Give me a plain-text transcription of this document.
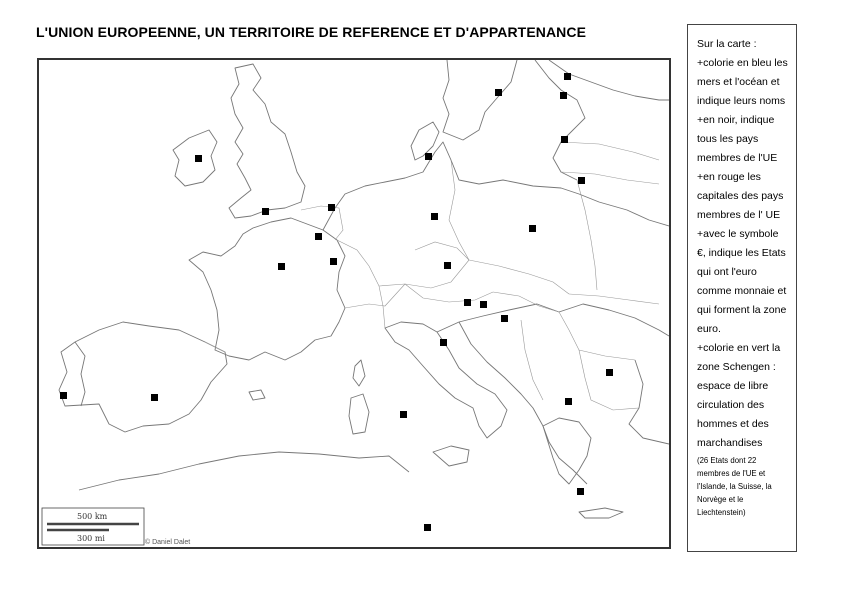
L'UNION EUROPEENNE, UN TERRITOIRE DE REFERENCE ET D'APPARTENANCE
500 km
300 mi	© Daniel Dalet

Sur la carte :

+colorie en bleu les mers et l'océan et indique leurs noms

+en noir, indique tous les pays membres de l'UE

+en rouge les capitales des pays membres de l' UE

+avec le symbole €, indique les Etats qui ont l'euro comme monnaie et qui forment la zone euro.

+colorie en vert la zone Schengen : espace de libre circulation des hommes et des marchandises

(26 Etats dont 22 membres de l'UE et l'Islande, la Suisse, la Norvège et le Liechtenstein)
